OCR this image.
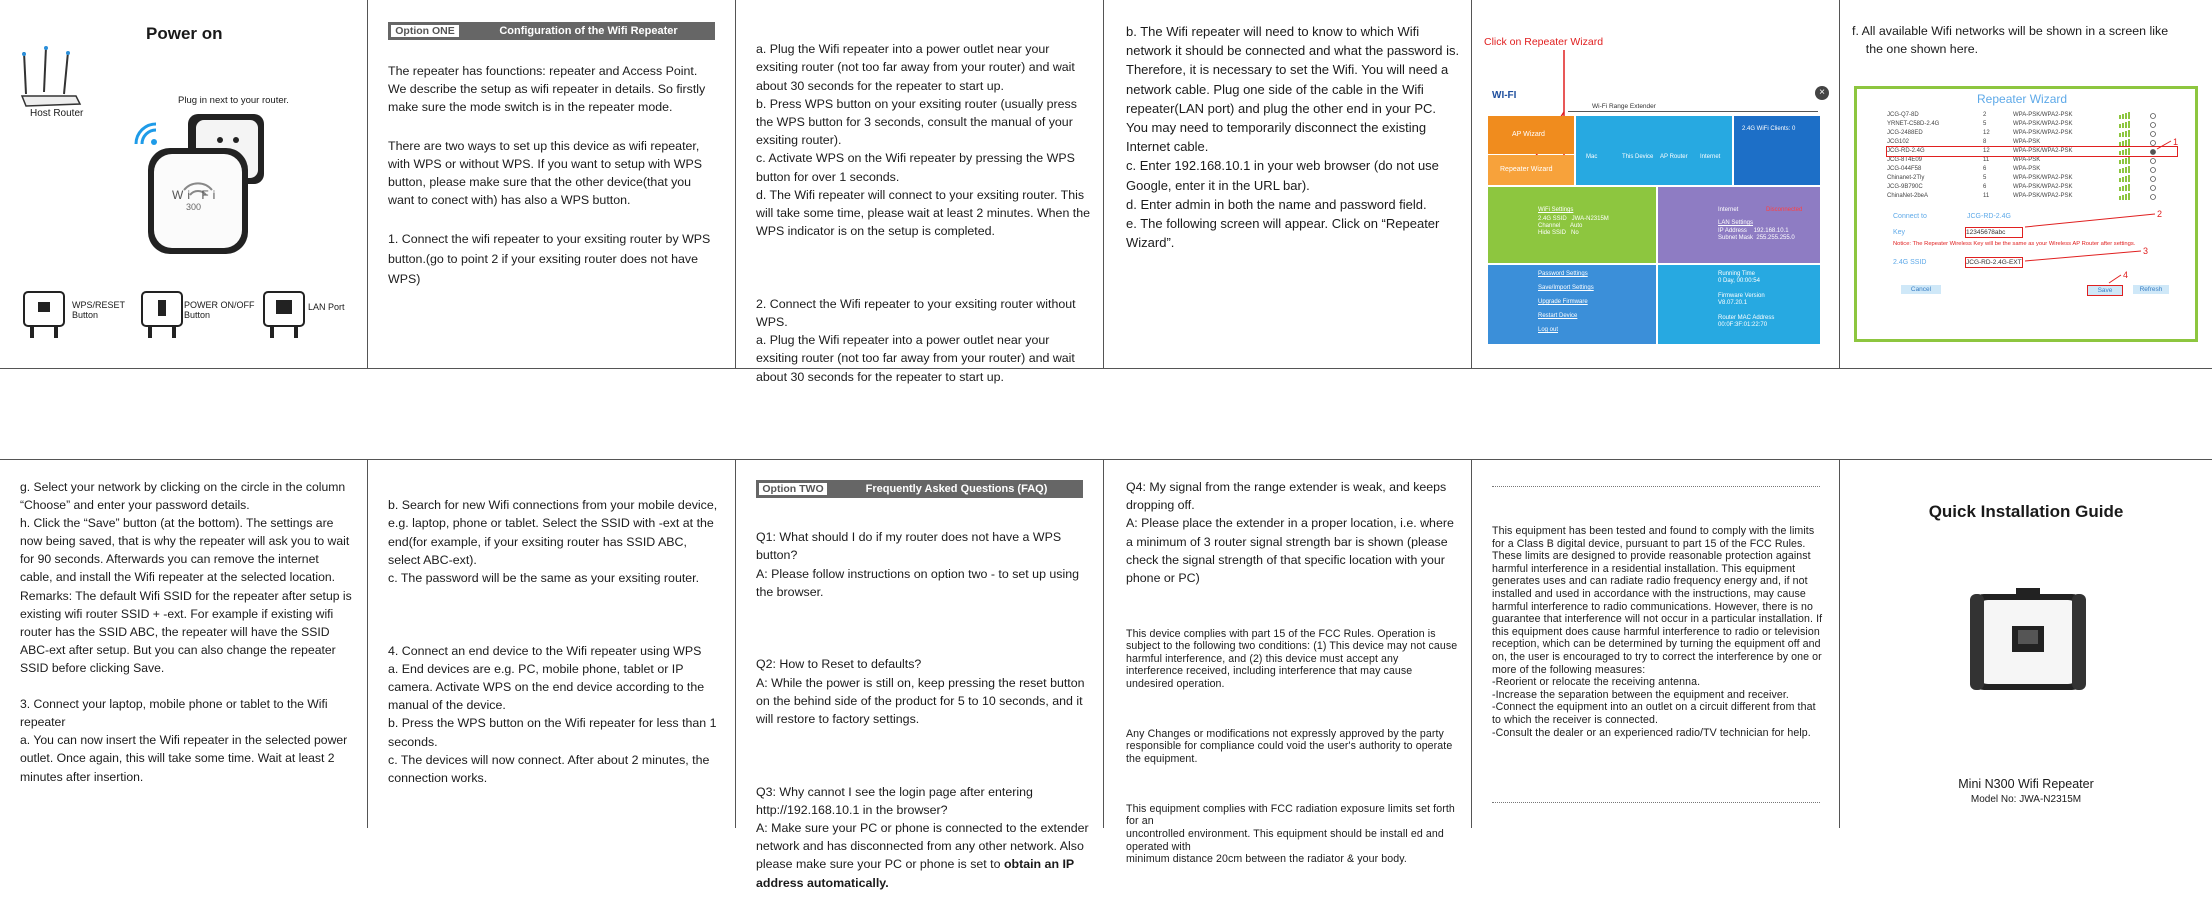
Power on
Host Router
Plug in next to your router.
Wi Fi
300
WPS/RESET
Button
POWER ON/OFF
Button
LAN Port
Option ONE	Configuration of the Wifi Repeater

The repeater has founctions: repeater and Access Point. We describe the setup as wifi repeater in details. So firstly make sure the mode switch is in the repeater mode.

There are two ways to set up this device as wifi repeater, with WPS or without WPS. If you want to setup with WPS button, please make sure that the other device(that you want to conect with) has also a WPS button.

1. Connect the wifi repeater to your exsiting router by WPS button.(go to point 2 if your exsiting router does not have WPS)

a. Plug the Wifi repeater into a power outlet near your exsiting router (not too far away from your router) and wait about 30 seconds for the repeater to start up.
b. Press WPS button on your exsiting router (usually press the WPS button for 3 seconds, consult the manual of your exsiting router).
c. Activate WPS on the Wifi repeater by pressing the WPS button for over 1 seconds.
d. The Wifi repeater will connect to your exsiting router. This will take some time, please wait at least 2 minutes. When the WPS indicator is on the setup is completed.

2. Connect the Wifi repeater to your exsiting router without WPS.
a. Plug the Wifi repeater into a power outlet near your exsiting router (not too far away from your router) and wait about 30 seconds for the repeater to start up.

b. The Wifi repeater will need to know to which Wifi network it should be connected and what the password is. Therefore, it is necessary to set the Wifi. You will need a network cable. Plug one side of the cable in the Wifi repeater(LAN port) and plug the other end in your PC. You may need to temporarily disconnect the existing Internet cable.
c. Enter 192.168.10.1 in your web browser (do not use Google, enter it in the URL bar).
d. Enter admin in both the name and password field.
e. The following screen will appear. Click on “Repeater Wizard”.
Click on Repeater Wizard
WI-FI
Wi-Fi Range Extender
×
AP Wizard
Repeater Wizard
Mac	This Device AP Router Internet
2.4G WiFi Clients: 0
WiFi Settings
2.4G SSID   JWA-N2315M
Channel      Auto
Hide SSID   No
Internet	Disconnected
LAN Settings
IP Address    192.168.10.1
Subnet Mask  255.255.255.0
Password Settings
Save/Import Settings
Upgrade Firmware
Restart Device
Log out
Running Time
0 Day, 00:00:54
Firmware Version
V8.07.20.1
Router MAC Address
00:0F:3F:01:22:70
f. All available Wifi networks will be shown in a screen like
the one shown here.
Repeater Wizard
JCG-Q7-8D	2	WPA-PSK/WPA2-PSK
YRNET-C58D-2.4G	5	WPA-PSK/WPA2-PSK
JCG-2488ED	12	WPA-PSK/WPA2-PSK
JCG102	8	WPA-PSK
JCG-RD-2.4G	12	WPA-PSK/WPA2-PSK
JCG-8T4E09	11	WPA-PSK
JCG-044F58	6	WPA-PSK
Chinanet-2Tly	5	WPA-PSK/WPA2-PSK
JCG-9B790C	6	WPA-PSK/WPA2-PSK
ChinaNet-2beA	11	WPA-PSK/WPA2-PSK
Connect to	JCG-RD-2.4G
Key	12345678abc
Notice: The Repeater Wireless Key will be the same as your Wireless AP Router after settings.
2.4G SSID	JCG-RD-2.4G-EXT
Cancel	Save	Refresh
1
2
3
4
g. Select your network by clicking on the circle in the column “Choose” and enter your password details.
h. Click the “Save” button (at the bottom). The settings are now being saved, that is why the repeater will ask you to wait for 90 seconds. Afterwards you can remove the internet cable, and install the Wifi repeater at the selected location.
Remarks: The default Wifi SSID for the repeater after setup is existing wifi router SSID + -ext. For example if existing wifi router has the SSID ABC, the repeater will have the SSID ABC-ext after setup. But you can also change the repeater SSID before clicking Save.

3. Connect your laptop, mobile phone or tablet to the Wifi repeater
a. You can now insert the Wifi repeater in the selected power outlet. Once again, this will take some time. Wait at least 2 minutes after insertion.

b. Search for new Wifi connections from your mobile device, e.g. laptop, phone or tablet. Select the SSID with -ext at the end(for example, if your exsiting router has SSID ABC, select ABC-ext).
c. The password will be the same as your exsiting router.

4. Connect an end device to the Wifi repeater using WPS
a. End devices are e.g. PC, mobile phone, tablet or IP camera. Activate WPS on the end device according to the manual of the device.
b. Press the WPS button on the Wifi repeater for less than 1 seconds.
c. The devices will now connect. After about 2 minutes, the connection works.

Option TWO	Frequently Asked Questions (FAQ)

Q1: What should I do if my router does not have a WPS button?
A: Please follow instructions on option two - to set up using the browser.

Q2: How to Reset to defaults?
A: While the power is still on, keep pressing the reset button on the behind side of the product for 5 to 10 seconds, and it will restore to factory settings.

Q3: Why cannot I see the login page after entering http://192.168.10.1 in the browser?
A: Make sure your PC or phone is connected to the extender network and has disconnected from any other network. Also please make sure your PC or phone is set to obtain an IP address automatically.

Q4: My signal from the range extender is weak, and keeps dropping off.
A: Please place the extender in a proper location, i.e. where a minimum of 3 router signal strength bar is shown (please check the signal strength of that specific location with your phone or PC)

This device complies with part 15 of the FCC Rules. Operation is subject to the following two conditions: (1) This device may not cause harmful interference, and (2) this device must accept any interference received, including interference that may cause undesired operation.

Any Changes or modifications not expressly approved by the party responsible for compliance could void the user's authority to operate the equipment.

This equipment complies with FCC radiation exposure limits set forth for an
uncontrolled environment. This equipment should be install ed and operated with
minimum distance 20cm between the radiator & your body.

This equipment has been tested and found to comply with the limits for a Class B digital device, pursuant to part 15 of the FCC Rules. These limits are designed to provide reasonable protection against harmful interference in a residential installation. This equipment generates uses and can radiate radio frequency energy and, if not installed and used in accordance with the instructions, may cause harmful interference to radio communications. However, there is no guarantee that interference will not occur in a particular installation. If this equipment does cause harmful interference to radio or television reception, which can be determined by turning the equipment off and on, the user is encouraged to try to correct the interference by one or more of the following measures:
-Reorient or relocate the receiving antenna.
-Increase the separation between the equipment and receiver.
-Connect the equipment into an outlet on a circuit different from that to which the receiver is connected.
-Consult the dealer or an experienced radio/TV technician for help.
Quick Installation Guide
Mini N300 Wifi Repeater
Model No: JWA-N2315M
